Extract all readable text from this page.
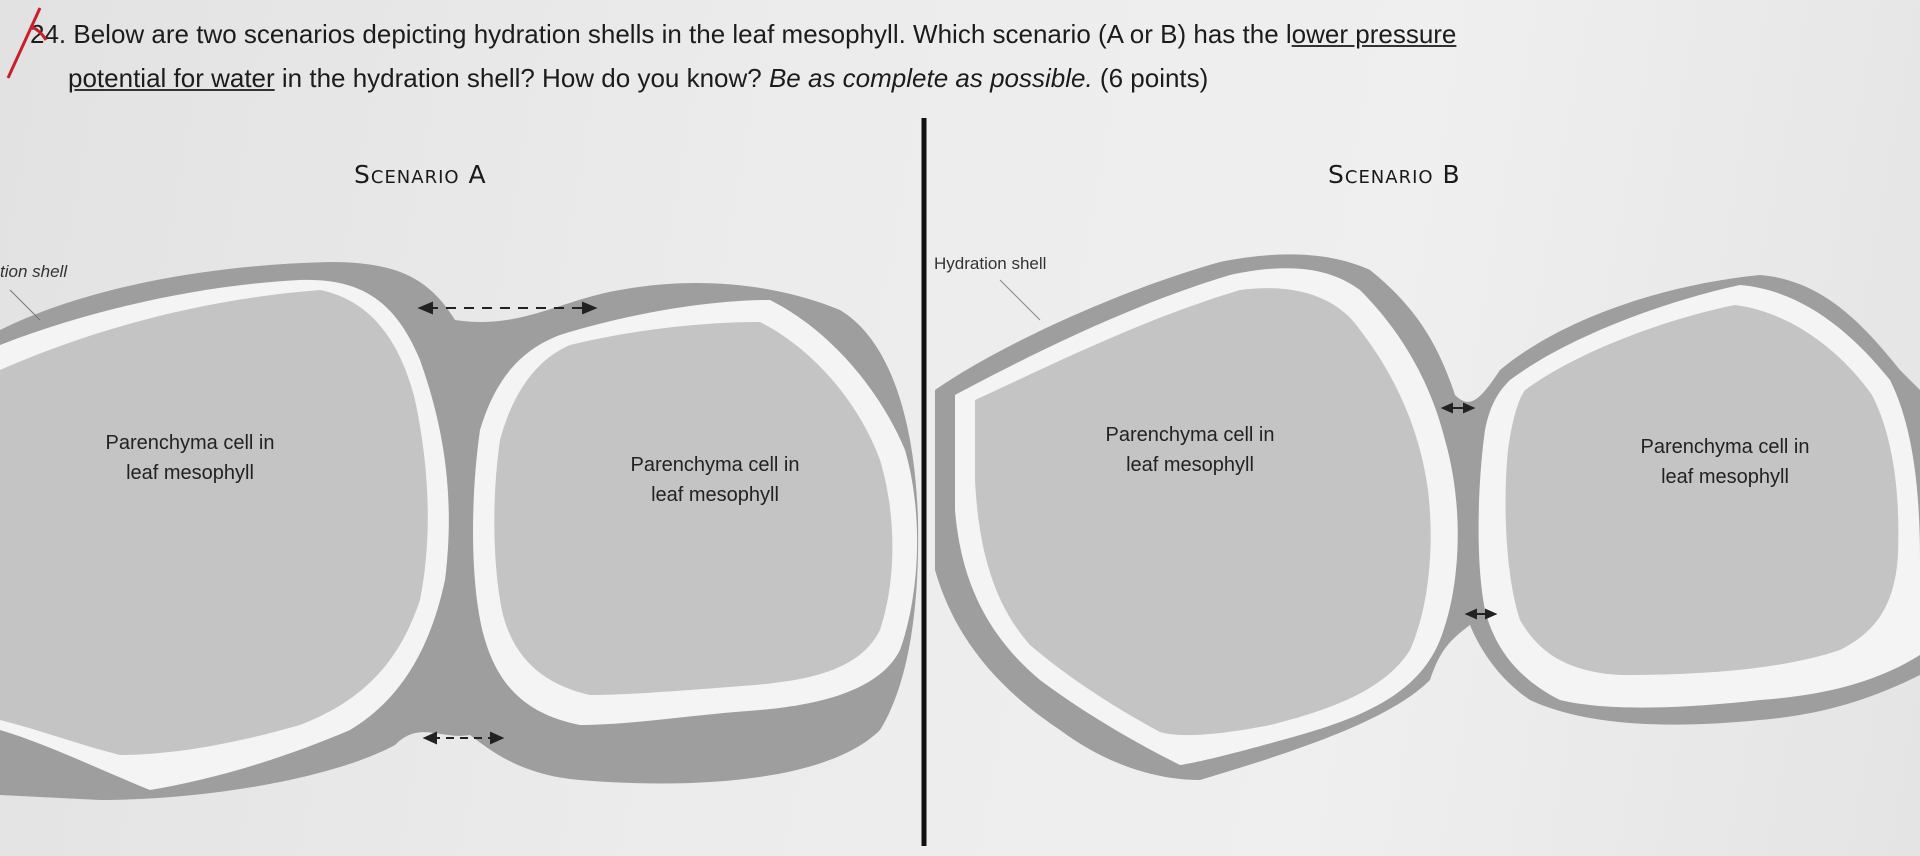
24. Below are two scenarios depicting hydration shells in the leaf mesophyll. Which scenario (A or B) has the lower pressure
potential for water in the hydration shell? How do you know? Be as complete as possible. (6 points)
Scenario A	Scenario B
tion shell	Hydration shell
Parenchyma cell in
leaf mesophyll	Parenchyma cell in
leaf mesophyll
Parenchyma cell in
leaf mesophyll
Parenchyma cell in
leaf mesophyll
